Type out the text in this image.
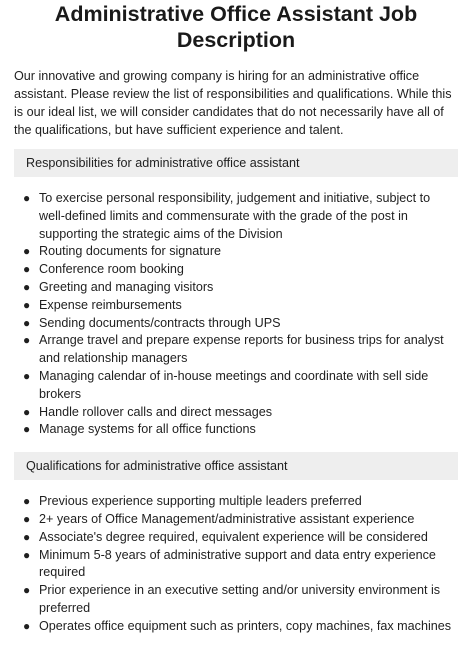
Administrative Office Assistant Job Description

Our innovative and growing company is hiring for an administrative office assistant. Please review the list of responsibilities and qualifications. While this is our ideal list, we will consider candidates that do not necessarily have all of the qualifications, but have sufficient experience and talent.

Responsibilities for administrative office assistant
● To exercise personal responsibility, judgement and initiative, subject to well-defined limits and commensurate with the grade of the post in supporting the strategic aims of the Division
● Routing documents for signature
● Conference room booking
● Greeting and managing visitors
● Expense reimbursements
● Sending documents/contracts through UPS
● Arrange travel and prepare expense reports for business trips for analyst and relationship managers
● Managing calendar of in-house meetings and coordinate with sell side brokers
● Handle rollover calls and direct messages
● Manage systems for all office functions
Qualifications for administrative office assistant
● Previous experience supporting multiple leaders preferred
● 2+ years of Office Management/administrative assistant experience
● Associate's degree required, equivalent experience will be considered
● Minimum 5-8 years of administrative support and data entry experience required
● Prior experience in an executive setting and/or university environment is preferred
● Operates office equipment such as printers, copy machines, fax machines
